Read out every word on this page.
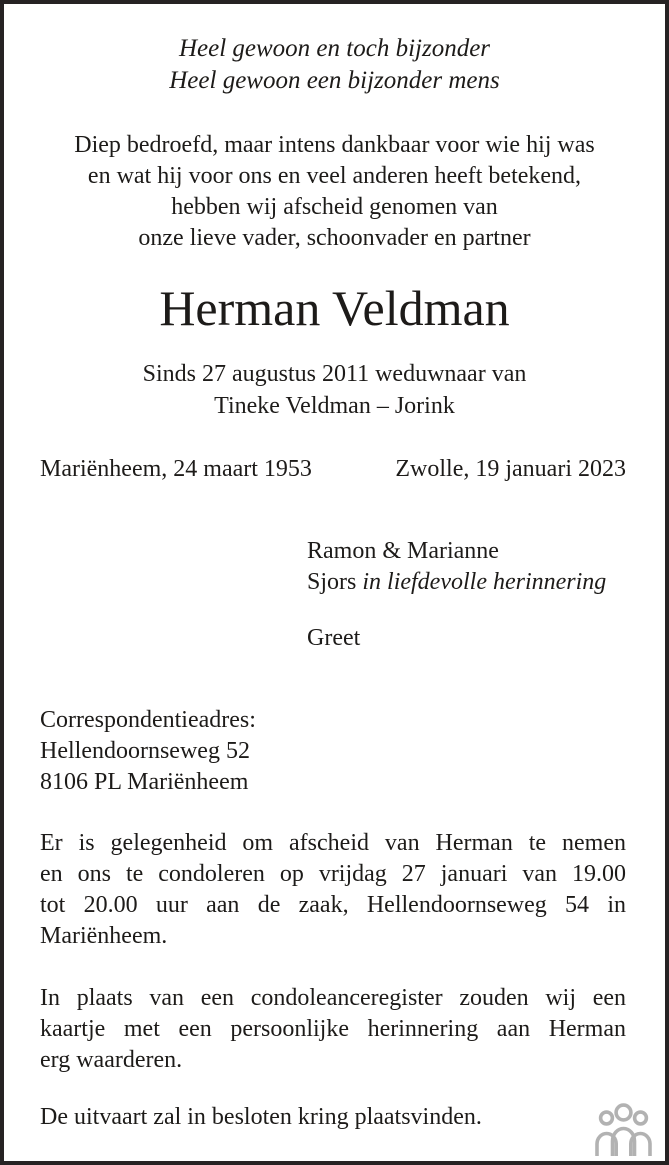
Heel gewoon en toch bijzonder
Heel gewoon een bijzonder mens
Diep bedroefd, maar intens dankbaar voor wie hij was
en wat hij voor ons en veel anderen heeft betekend,
hebben wij afscheid genomen van
onze lieve vader, schoonvader en partner
Herman Veldman
Sinds 27 augustus 2011 weduwnaar van
Tineke Veldman – Jorink
Mariënheem, 24 maart 1953	Zwolle, 19 januari 2023
Ramon & Marianne
Sjors in liefdevolle herinnering
Greet
Correspondentieadres:
Hellendoornseweg 52
8106 PL Mariënheem
Er is gelegenheid om afscheid van Herman te nemen
en ons te condoleren op vrijdag 27 januari van 19.00
tot 20.00 uur aan de zaak, Hellendoornseweg 54 in
Mariënheem.
In plaats van een condoleanceregister zouden wij een
kaartje met een persoonlijke herinnering aan Herman
erg waarderen.
De uitvaart zal in besloten kring plaatsvinden.
